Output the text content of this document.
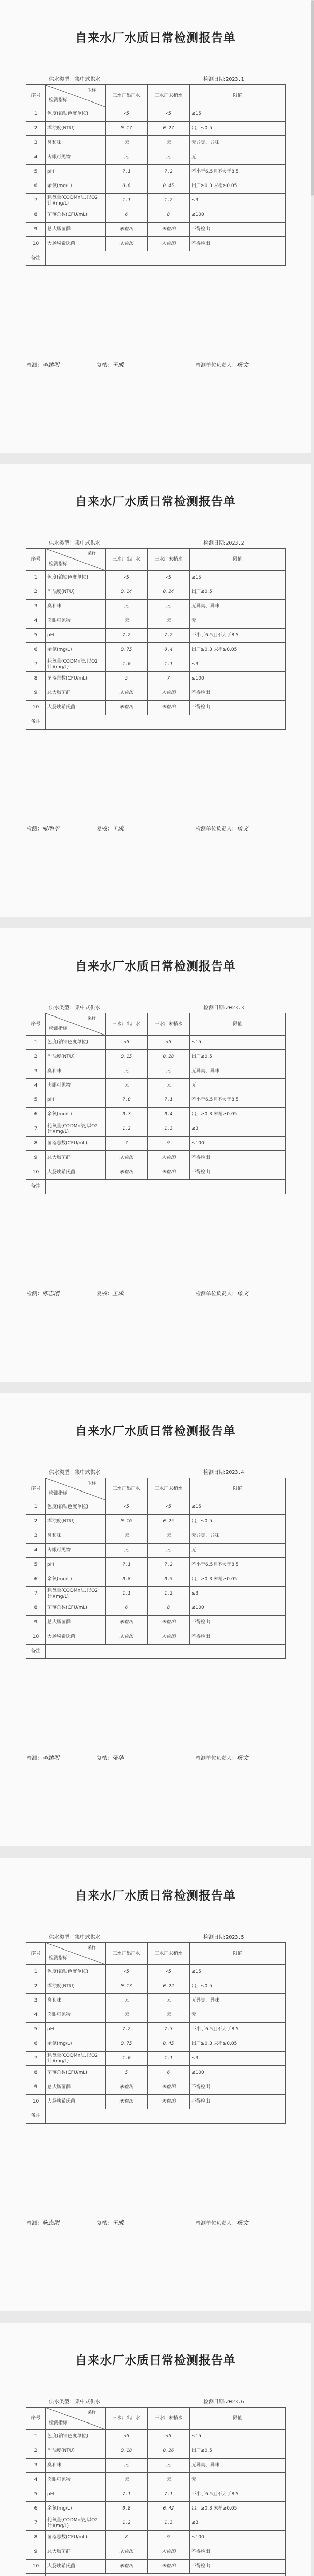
自来水厂水质日常检测报告单
供水类型：集中式供水	检测日期:2023.1
序号	采样
检测指标	三水厂出厂水	三水厂末梢水	限值
1	色度(铂钴色度单位)	<5	<5	≤15
2	浑浊度(NTU)	0.17	0.27	出厂≤0.5
3	臭和味	无	无	无异臭、异味
4	肉眼可见物	无	无	无
5	pH	7.1	7.2	不小于6.5且不大于8.5
6	余氯(mg/L)	0.8	0.45	出厂≥0.3 末梢≥0.05
7	耗氧量(CODMn法,以O2计)(mg/L)	1.1	1.2	≤3
8	菌落总数(CFU/mL)	6	8	≤100
9	总大肠菌群	未检出	未检出	不得检出
10	大肠埃希氏菌	未检出	未检出	不得检出
备注				
检测：李建明	复核：王成	检测单位负责人：杨文
自来水厂水质日常检测报告单
供水类型：集中式供水	检测日期:2023.2
序号	采样
检测指标	三水厂出厂水	三水厂末梢水	限值
1	色度(铂钴色度单位)	<5	<5	≤15
2	浑浊度(NTU)	0.14	0.24	出厂≤0.5
3	臭和味	无	无	无异臭、异味
4	肉眼可见物	无	无	无
5	pH	7.2	7.2	不小于6.5且不大于8.5
6	余氯(mg/L)	0.75	0.4	出厂≥0.3 末梢≥0.05
7	耗氧量(CODMn法,以O2计)(mg/L)	1.0	1.1	≤3
8	菌落总数(CFU/mL)	5	7	≤100
9	总大肠菌群	未检出	未检出	不得检出
10	大肠埃希氏菌	未检出	未检出	不得检出
备注				
检测：张明华	复核：王成	检测单位负责人：杨文
自来水厂水质日常检测报告单
供水类型：集中式供水	检测日期:2023.3
序号	采样
检测指标	三水厂出厂水	三水厂末梢水	限值
1	色度(铂钴色度单位)	<5	<5	≤15
2	浑浊度(NTU)	0.15	0.28	出厂≤0.5
3	臭和味	无	无	无异臭、异味
4	肉眼可见物	无	无	无
5	pH	7.0	7.1	不小于6.5且不大于8.5
6	余氯(mg/L)	0.7	0.4	出厂≥0.3 末梢≥0.05
7	耗氧量(CODMn法,以O2计)(mg/L)	1.2	1.3	≤3
8	菌落总数(CFU/mL)	7	9	≤100
9	总大肠菌群	未检出	未检出	不得检出
10	大肠埃希氏菌	未检出	未检出	不得检出
备注				
检测：陈志刚	复核：王成	检测单位负责人：杨文
自来水厂水质日常检测报告单
供水类型：集中式供水	检测日期:2023.4
序号	采样
检测指标	三水厂出厂水	三水厂末梢水	限值
1	色度(铂钴色度单位)	<5	<5	≤15
2	浑浊度(NTU)	0.16	0.25	出厂≤0.5
3	臭和味	无	无	无异臭、异味
4	肉眼可见物	无	无	无
5	pH	7.1	7.2	不小于6.5且不大于8.5
6	余氯(mg/L)	0.8	0.5	出厂≥0.3 末梢≥0.05
7	耗氧量(CODMn法,以O2计)(mg/L)	1.1	1.2	≤3
8	菌落总数(CFU/mL)	6	8	≤100
9	总大肠菌群	未检出	未检出	不得检出
10	大肠埃希氏菌	未检出	未检出	不得检出
备注				
检测：李建明	复核：张华	检测单位负责人：杨文
自来水厂水质日常检测报告单
供水类型：集中式供水	检测日期:2023.5
序号	采样
检测指标	三水厂出厂水	三水厂末梢水	限值
1	色度(铂钴色度单位)	<5	<5	≤15
2	浑浊度(NTU)	0.13	0.22	出厂≤0.5
3	臭和味	无	无	无异臭、异味
4	肉眼可见物	无	无	无
5	pH	7.2	7.3	不小于6.5且不大于8.5
6	余氯(mg/L)	0.75	0.45	出厂≥0.3 末梢≥0.05
7	耗氧量(CODMn法,以O2计)(mg/L)	1.0	1.1	≤3
8	菌落总数(CFU/mL)	5	6	≤100
9	总大肠菌群	未检出	未检出	不得检出
10	大肠埃希氏菌	未检出	未检出	不得检出
备注				
检测：陈志刚	复核：王成	检测单位负责人：杨文
自来水厂水质日常检测报告单
供水类型：集中式供水	检测日期:2023.6
序号	采样
检测指标	三水厂出厂水	三水厂末梢水	限值
1	色度(铂钴色度单位)	<5	<5	≤15
2	浑浊度(NTU)	0.18	0.26	出厂≤0.5
3	臭和味	无	无	无异臭、异味
4	肉眼可见物	无	无	无
5	pH	7.1	7.1	不小于6.5且不大于8.5
6	余氯(mg/L)	0.8	0.42	出厂≥0.3 末梢≥0.05
7	耗氧量(CODMn法,以O2计)(mg/L)	1.2	1.3	≤3
8	菌落总数(CFU/mL)	8	9	≤100
9	总大肠菌群	未检出	未检出	不得检出
10	大肠埃希氏菌	未检出	未检出	不得检出
